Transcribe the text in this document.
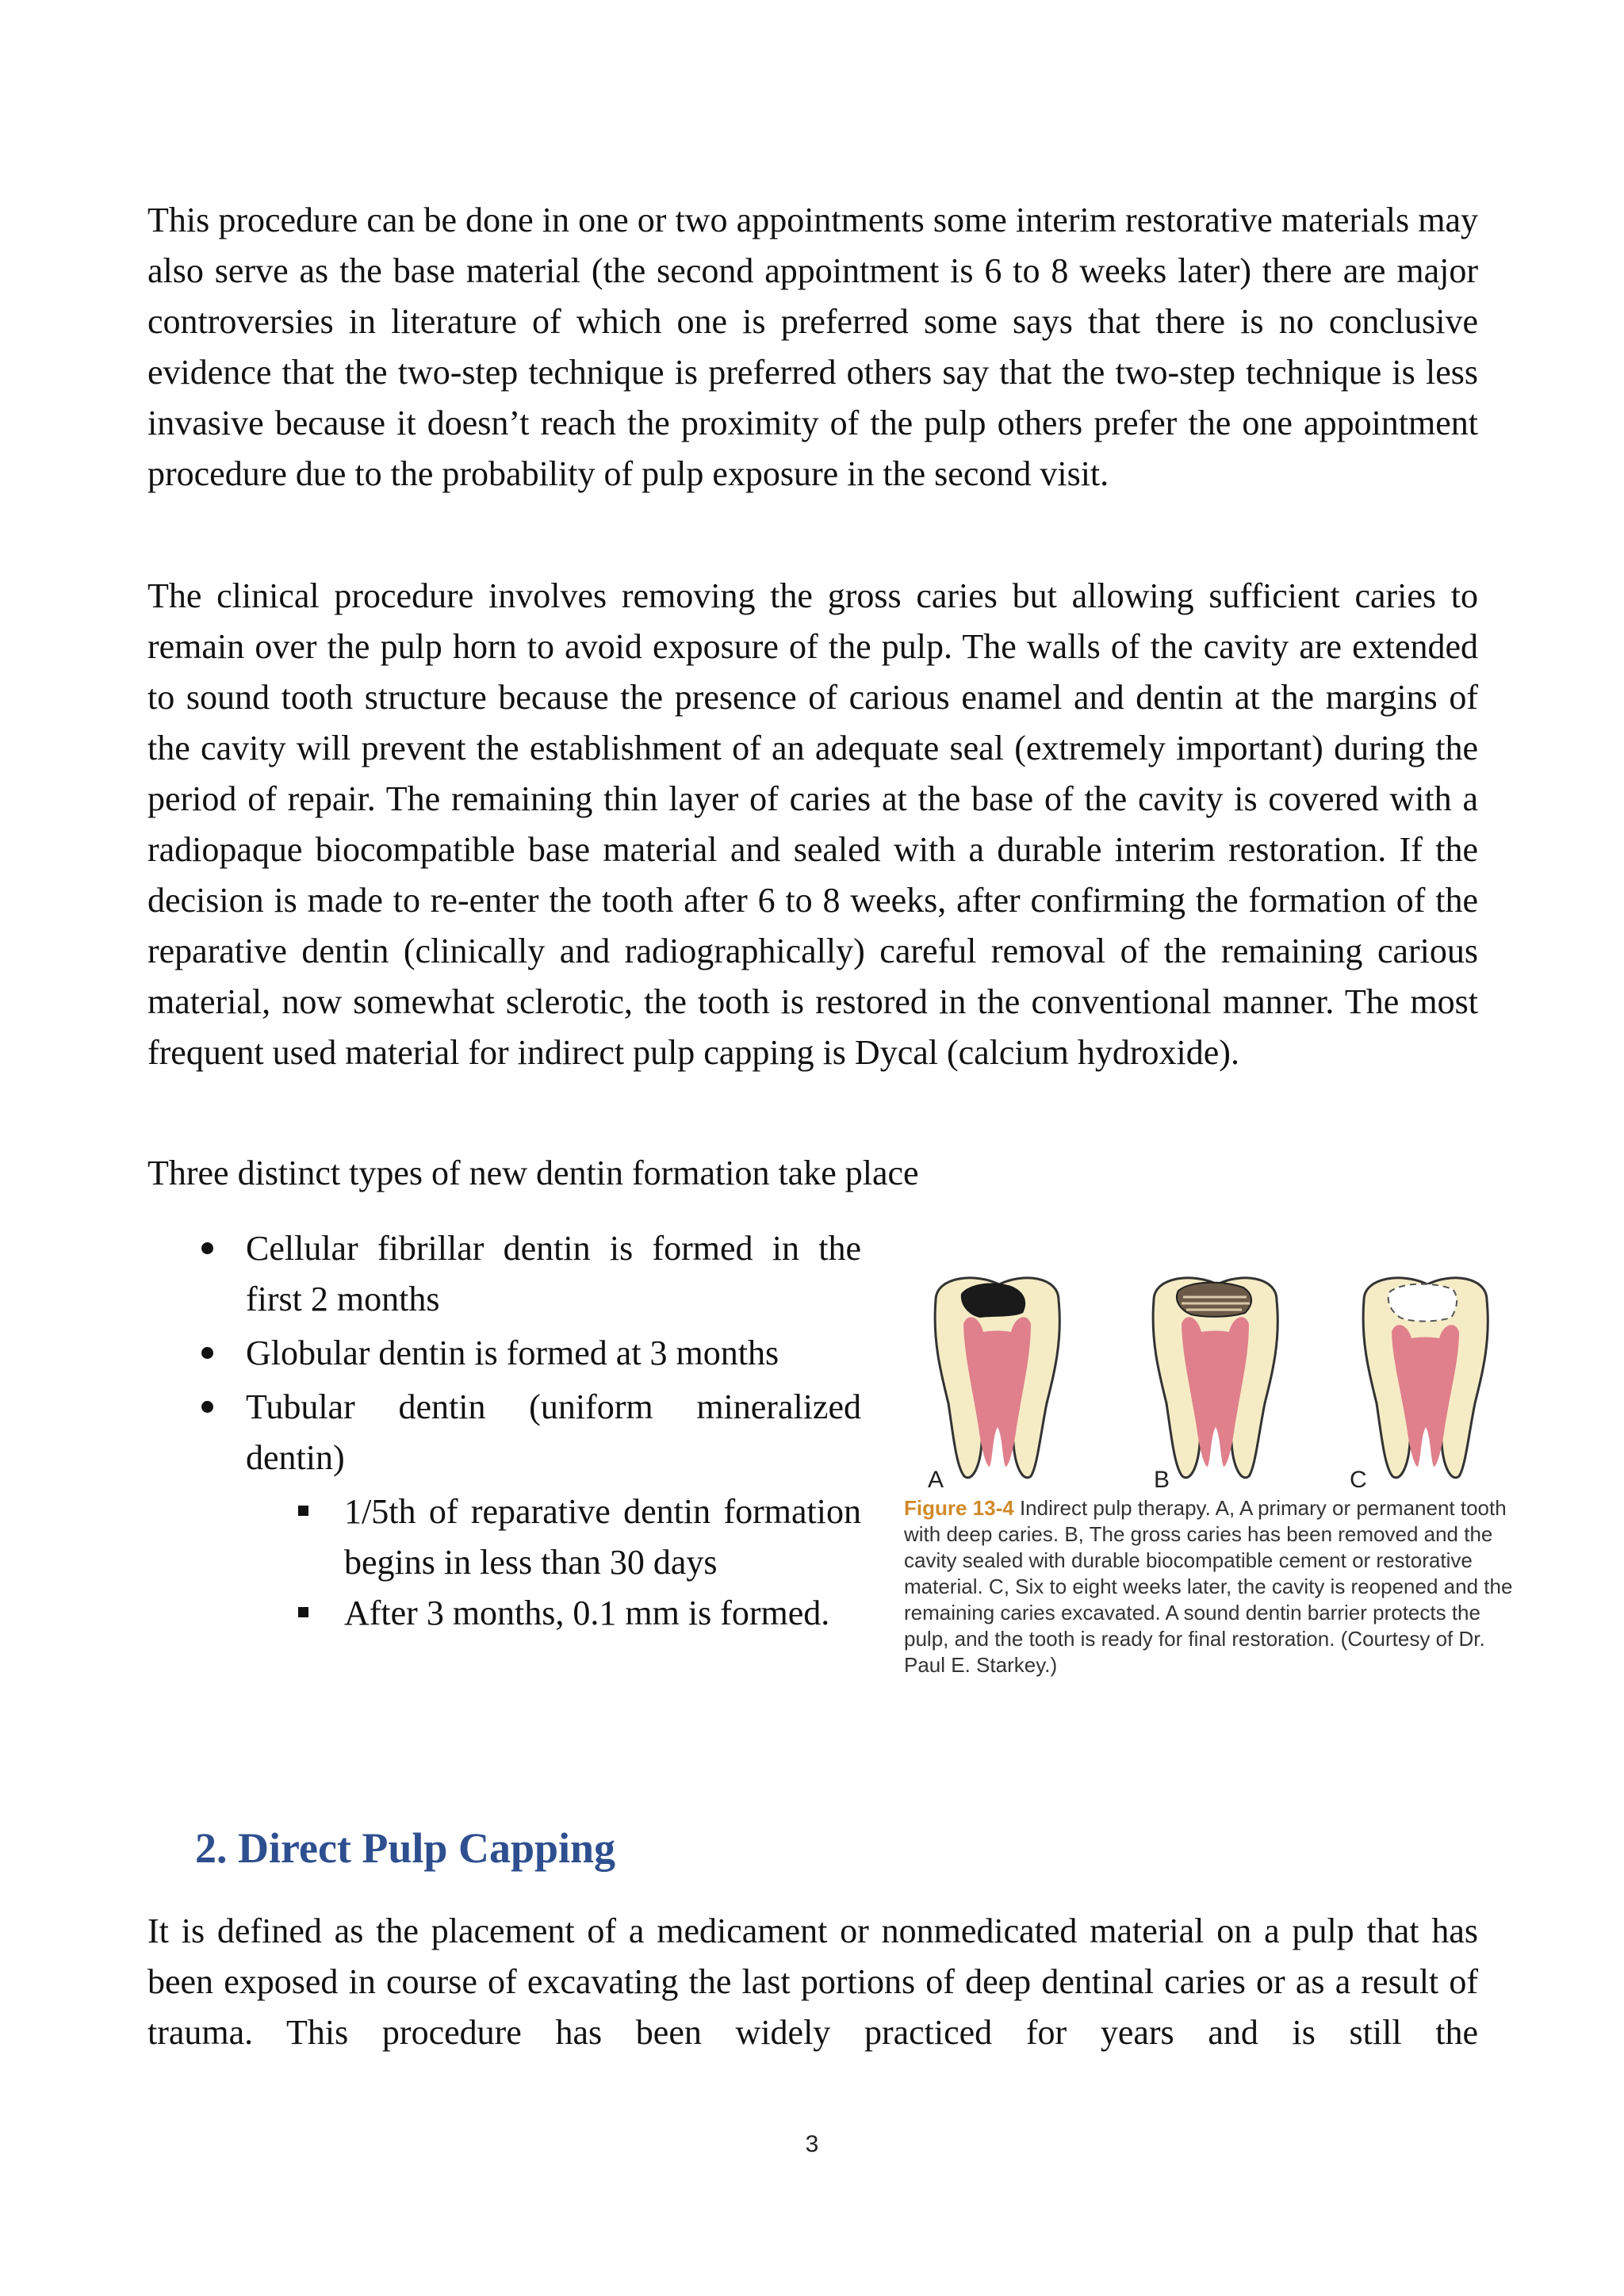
This procedure can be done in one or two appointments some interim restorative materials may also serve as the base material (the second appointment is 6 to 8 weeks later) there are major controversies in literature of which one is preferred some says that there is no conclusive evidence that the two-step technique is preferred others say that the two-step technique is less invasive because it doesn’t reach the proximity of the pulp others prefer the one appointment procedure due to the probability of pulp exposure in the second visit.

The clinical procedure involves removing the gross caries but allowing sufficient caries to remain over the pulp horn to avoid exposure of the pulp. The walls of the cavity are extended to sound tooth structure because the presence of carious enamel and dentin at the margins of the cavity will prevent the establishment of an adequate seal (extremely important) during the period of repair. The remaining thin layer of caries at the base of the cavity is covered with a radiopaque biocompatible base material and sealed with a durable interim restoration. If the decision is made to re-enter the tooth after 6 to 8 weeks, after confirming the formation of the reparative dentin (clinically and radiographically) careful removal of the remaining carious material, now somewhat sclerotic, the tooth is restored in the conventional manner. The most frequent used material for indirect pulp capping is Dycal (calcium hydroxide).

Three distinct types of new dentin formation take place

Cellular fibrillar dentin is formed in the first 2 months
Globular dentin is formed at 3 months
Tubular dentin (uniform mineralized dentin)
1/5th of reparative dentin formation begins in less than 30 days
After 3 months, 0.1 mm is formed.
A	B	C
Figure 13-4 Indirect pulp therapy. A, A primary or permanent tooth with deep caries. B, The gross caries has been removed and the cavity sealed with durable biocompatible cement or restorative material. C, Six to eight weeks later, the cavity is reopened and the remaining caries excavated. A sound dentin barrier protects the pulp, and the tooth is ready for final restoration. (Courtesy of Dr. Paul E. Starkey.)
2. Direct Pulp Capping

It is defined as the placement of a medicament or nonmedicated material on a pulp that has been exposed in course of excavating the last portions of deep dentinal caries or as a result of trauma. This procedure has been widely practiced for years and is still the

3
